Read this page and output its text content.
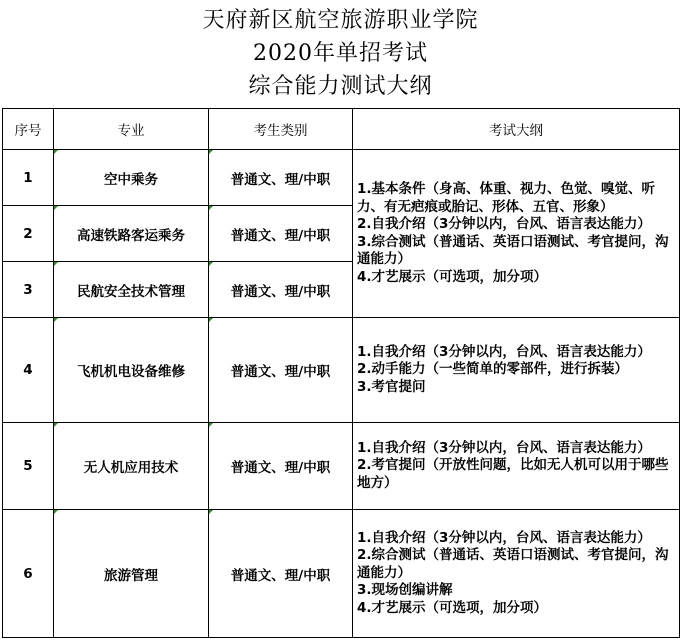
天府新区航空旅游职业学院
2020年单招考试
综合能力测试大纲
序号	专业	考生类别	考试大纲
1	空中乘务	普通文、理/中职	1.基本条件（身高、体重、视力、色觉、嗅觉、听力、有无疤痕或胎记、形体、五官、形象）
2.自我介绍（3分钟以内，台风、语言表达能力）
3.综合测试（普通话、英语口语测试、考官提问，沟通能力）
4.才艺展示（可选项，加分项）

2	高速铁路客运乘务	普通文、理/中职	
3	民航安全技术管理	普通文、理/中职	
4	飞机机电设备维修	普通文、理/中职	1.自我介绍（3分钟以内，台风、语言表达能力）
2.动手能力（一些简单的零部件，进行拆装）
3.考官提问

5	无人机应用技术	普通文、理/中职	1.自我介绍（3分钟以内，台风、语言表达能力）
2.考官提问（开放性问题，比如无人机可以用于哪些地方）

6	旅游管理	普通文、理/中职	1.自我介绍（3分钟以内，台风、语言表达能力）
2.综合测试（普通话、英语口语测试、考官提问，沟通能力）
3.现场创编讲解
4.才艺展示（可选项，加分项）
